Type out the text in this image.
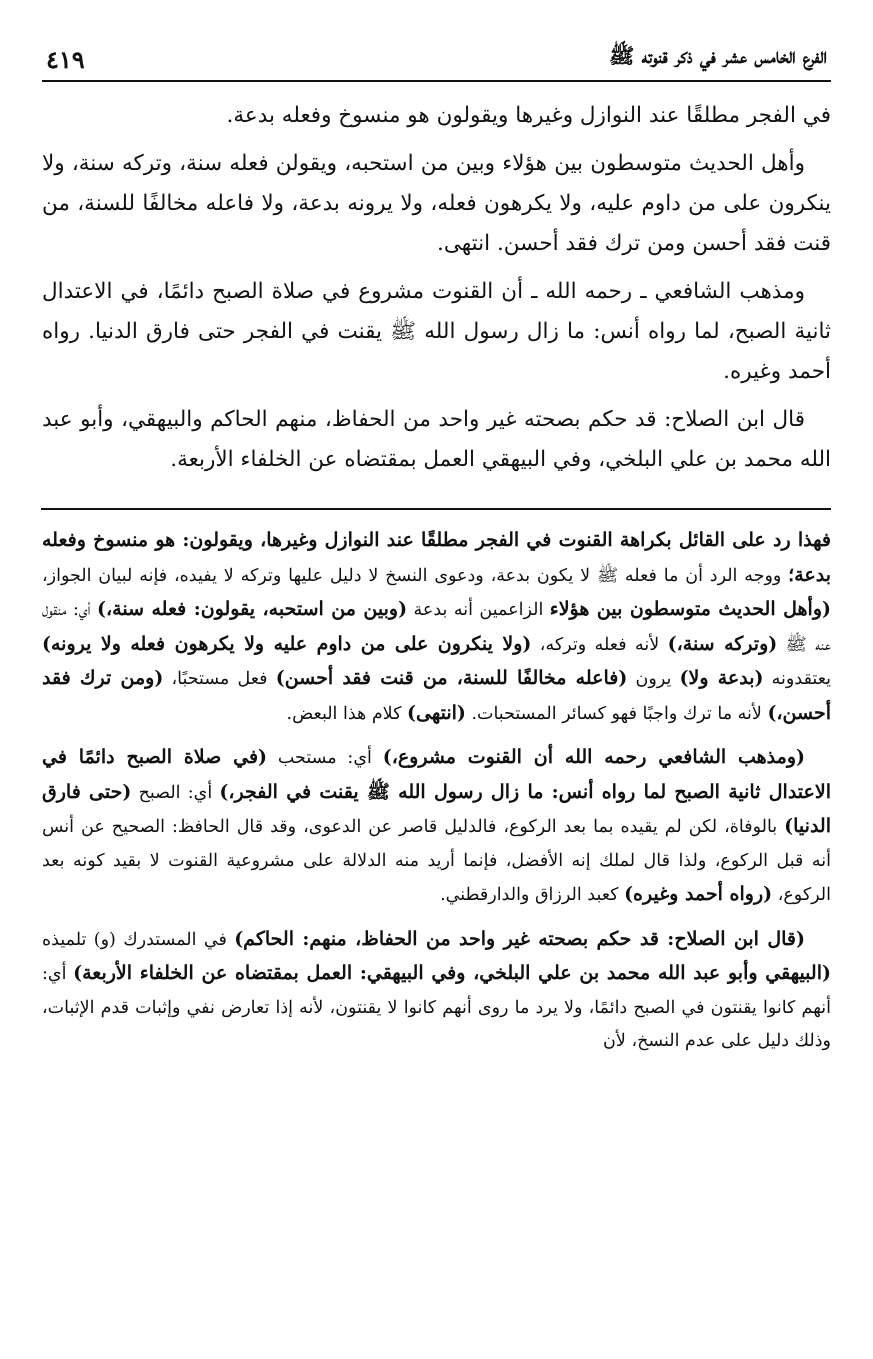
الفرع الخامس عشر في ذكر قنوته ﷺ
٤١٩

في الفجر مطلقًا عند النوازل وغيرها ويقولون هو منسوخ وفعله بدعة.

وأهل الحديث متوسطون بين هؤلاء وبين من استحبه، ويقولن فعله سنة، وتركه سنة، ولا ينكرون على من داوم عليه، ولا يكرهون فعله، ولا يرونه بدعة، ولا فاعله مخالفًا للسنة، من قنت فقد أحسن ومن ترك فقد أحسن. انتهى.

ومذهب الشافعي ـ رحمه الله ـ أن القنوت مشروع في صلاة الصبح دائمًا، في الاعتدال ثانية الصبح، لما رواه أنس: ما زال رسول الله ﷺ يقنت في الفجر حتى فارق الدنيا. رواه أحمد وغيره.

قال ابن الصلاح: قد حكم بصحته غير واحد من الحفاظ، منهم الحاكم والبيهقي، وأبو عبد الله محمد بن علي البلخي، وفي البيهقي العمل بمقتضاه عن الخلفاء الأربعة.

فهذا رد على القائل بكراهة القنوت في الفجر مطلقًا عند النوازل وغيرها، ويقولون: هو منسوخ وفعله بدعة؛ ووجه الرد أن ما فعله ﷺ لا يكون بدعة، ودعوى النسخ لا دليل عليها وتركه لا يفيده، فإنه لبيان الجواز، (وأهل الحديث متوسطون بين هؤلاء الزاعمين أنه بدعة (وبين من استحبه، يقولون: فعله سنة،) أي: منقول عنه ﷺ (وتركه سنة،) لأنه فعله وتركه، (ولا ينكرون على من داوم عليه ولا يكرهون فعله ولا يرونه) يعتقدونه (بدعة ولا) يرون (فاعله مخالفًا للسنة، من قنت فقد أحسن) فعل مستحبًا، (ومن ترك فقد أحسن،) لأنه ما ترك واجبًا فهو كسائر المستحبات. (انتهى) كلام هذا البعض.

(ومذهب الشافعي رحمه الله أن القنوت مشروع،) أي: مستحب (في صلاة الصبح دائمًا في الاعتدال ثانية الصبح لما رواه أنس: ما زال رسول الله ﷺ يقنت في الفجر،) أي: الصبح (حتى فارق الدنيا) بالوفاة، لكن لم يقيده بما بعد الركوع، فالدليل قاصر عن الدعوى، وقد قال الحافظ: الصحيح عن أنس أنه قبل الركوع، ولذا قال لملك إنه الأفضل، فإنما أريد منه الدلالة على مشروعية القنوت لا بقيد كونه بعد الركوع، (رواه أحمد وغيره) كعبد الرزاق والدارقطني.

(قال ابن الصلاح: قد حكم بصحته غير واحد من الحفاظ، منهم: الحاكم) في المستدرك (و) تلميذه (البيهقي وأبو عبد الله محمد بن علي البلخي، وفي البيهقي: العمل بمقتضاه عن الخلفاء الأربعة) أي: أنهم كانوا يقنتون في الصبح دائمًا، ولا يرد ما روى أنهم كانوا لا يقنتون، لأنه إذا تعارض نفي وإثبات قدم الإثبات، وذلك دليل على عدم النسخ، لأن
